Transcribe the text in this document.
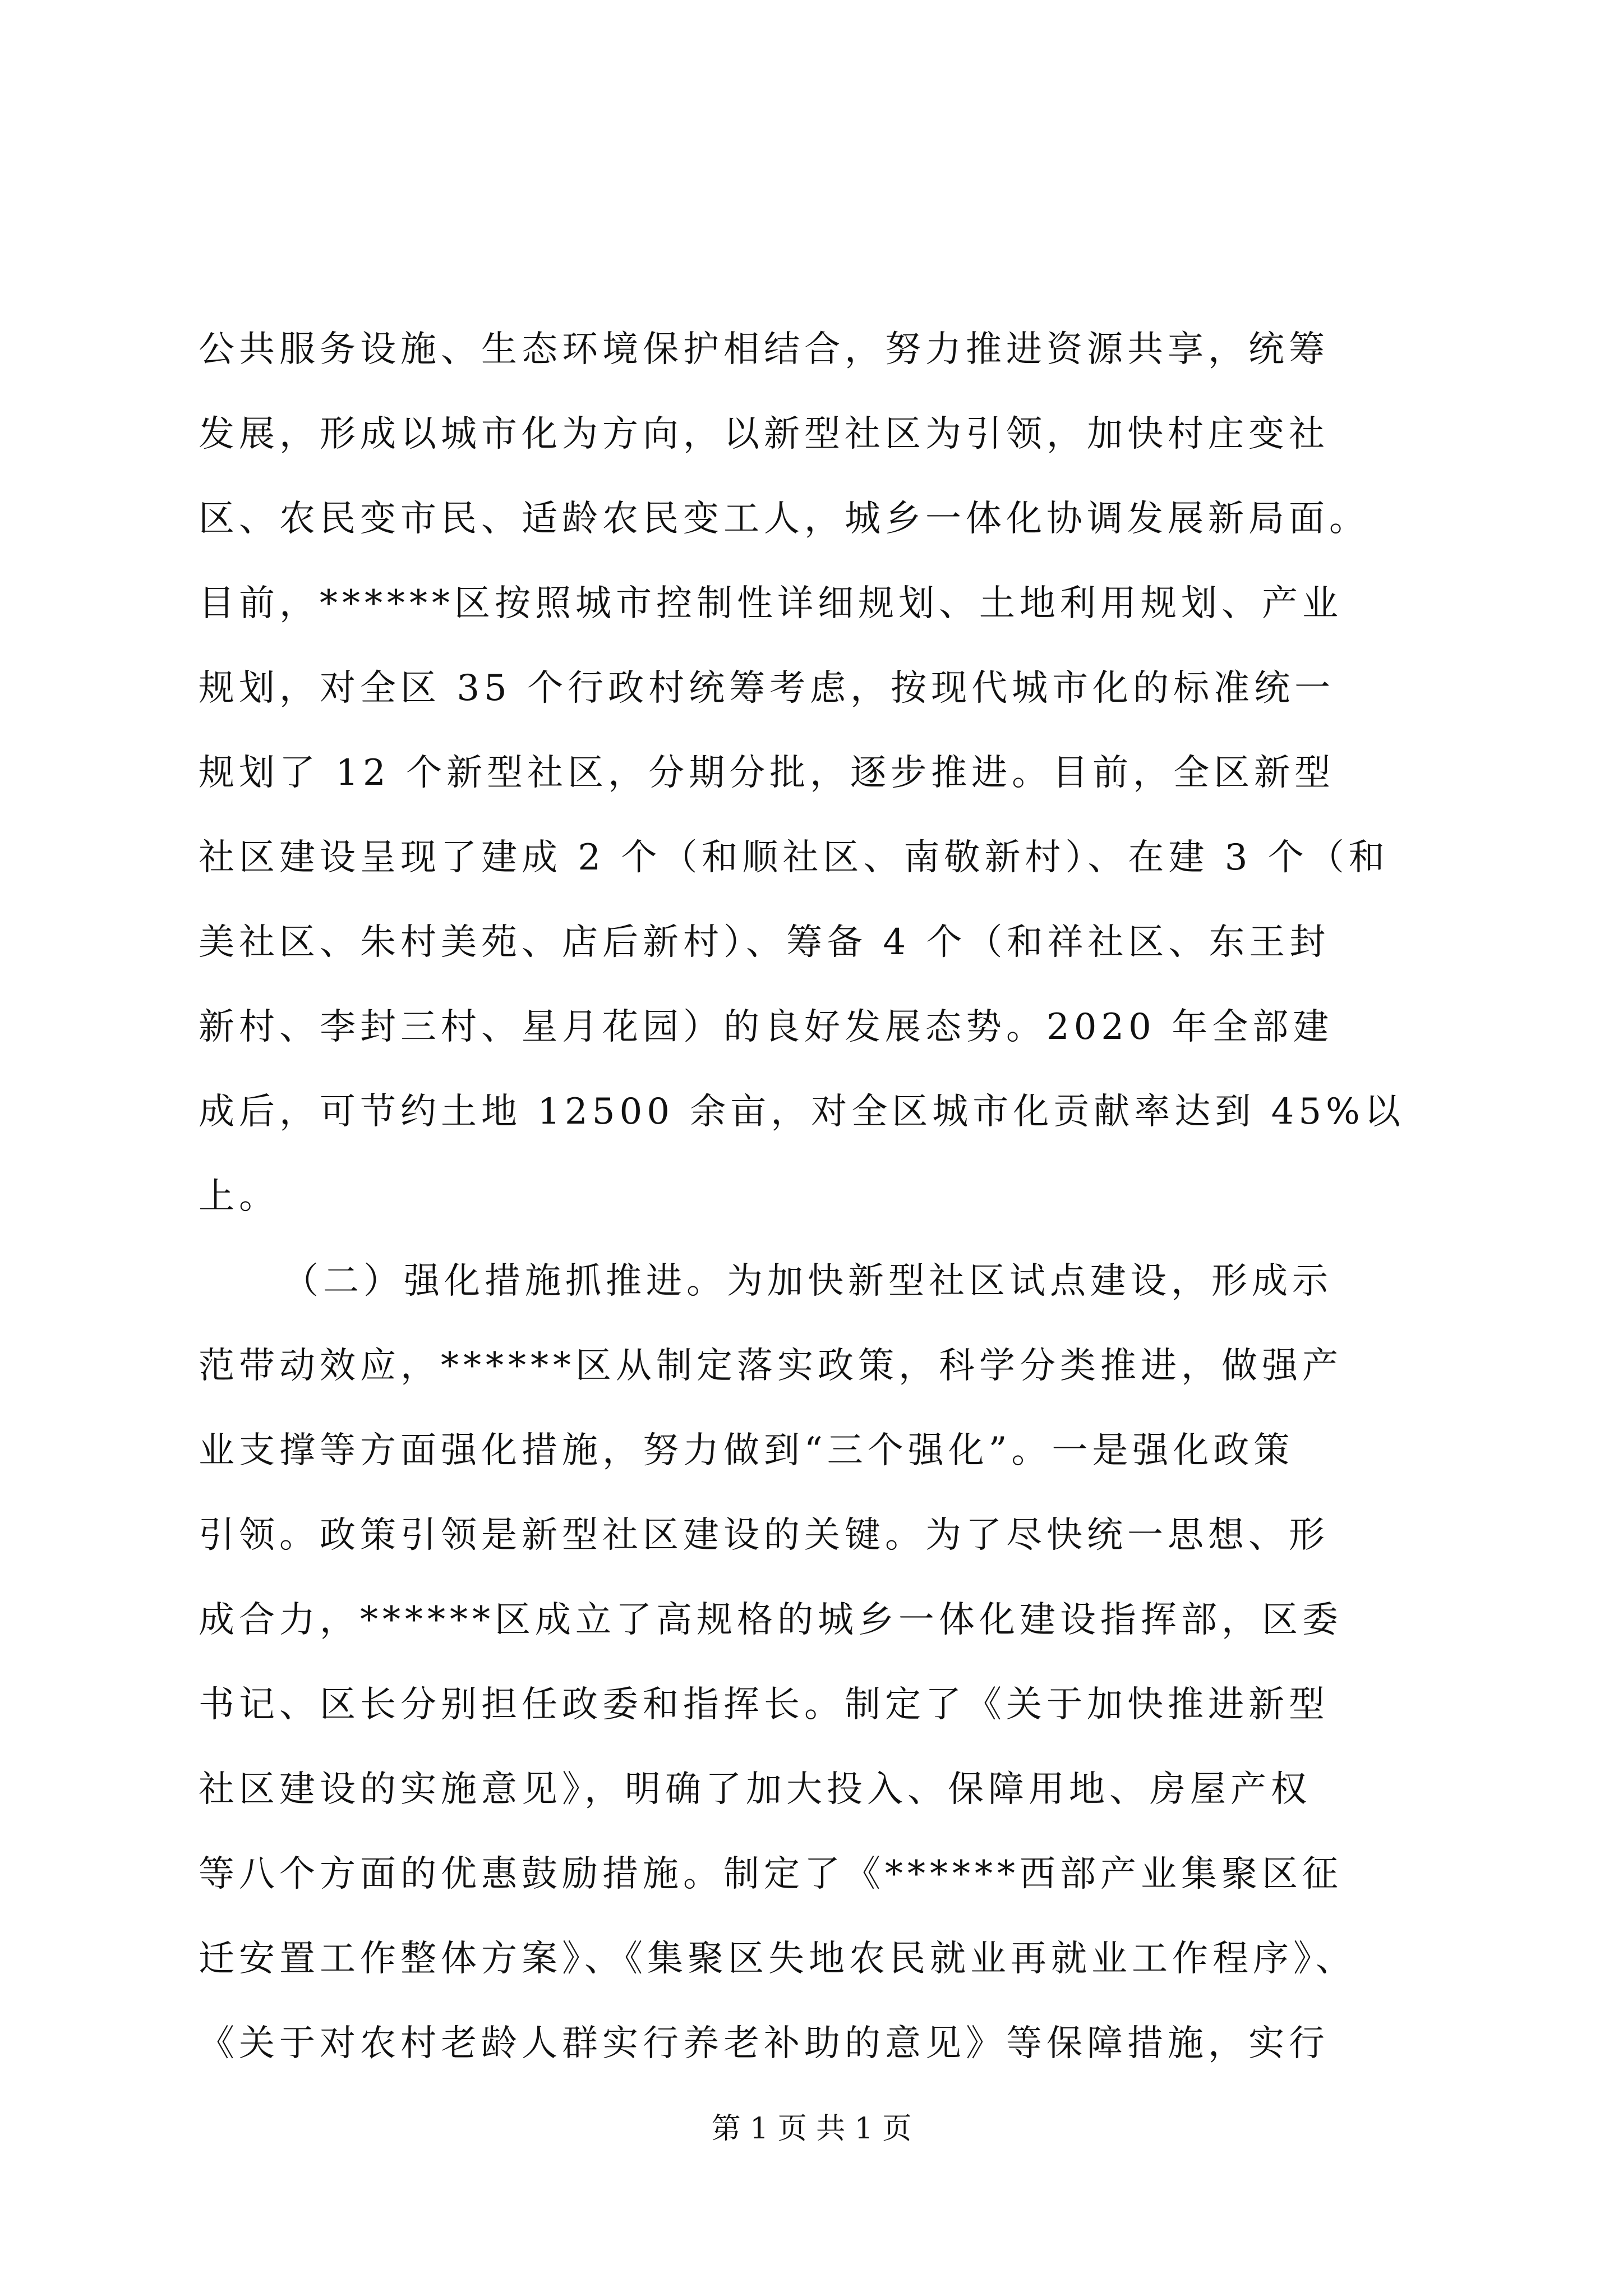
公共服务设施、生态环境保护相结合，努力推进资源共享，统筹
发展，形成以城市化为方向，以新型社区为引领，加快村庄变社
区、农民变市民、适龄农民变工人，城乡一体化协调发展新局面。
目前，******区按照城市控制性详细规划、土地利用规划、产业
规划，对全区 35 个行政村统筹考虑，按现代城市化的标准统一
规划了 12 个新型社区，分期分批，逐步推进。目前，全区新型
社区建设呈现了建成 2 个（和顺社区、南敬新村）、在建 3 个（和
美社区、朱村美苑、店后新村）、筹备 4 个（和祥社区、东王封
新村、李封三村、星月花园）的良好发展态势。2020 年全部建
成后，可节约土地 12500 余亩，对全区城市化贡献率达到 45%以
上。
（二）强化措施抓推进。为加快新型社区试点建设，形成示
范带动效应，******区从制定落实政策，科学分类推进，做强产
业支撑等方面强化措施，努力做到“三个强化”。一是强化政策
引领。政策引领是新型社区建设的关键。为了尽快统一思想、形
成合力，******区成立了高规格的城乡一体化建设指挥部，区委
书记、区长分别担任政委和指挥长。制定了《关于加快推进新型
社区建设的实施意见》，明确了加大投入、保障用地、房屋产权
等八个方面的优惠鼓励措施。制定了《******西部产业集聚区征
迁安置工作整体方案》、《集聚区失地农民就业再就业工作程序》、
《关于对农村老龄人群实行养老补助的意见》等保障措施，实行
第 1 页 共 1 页
